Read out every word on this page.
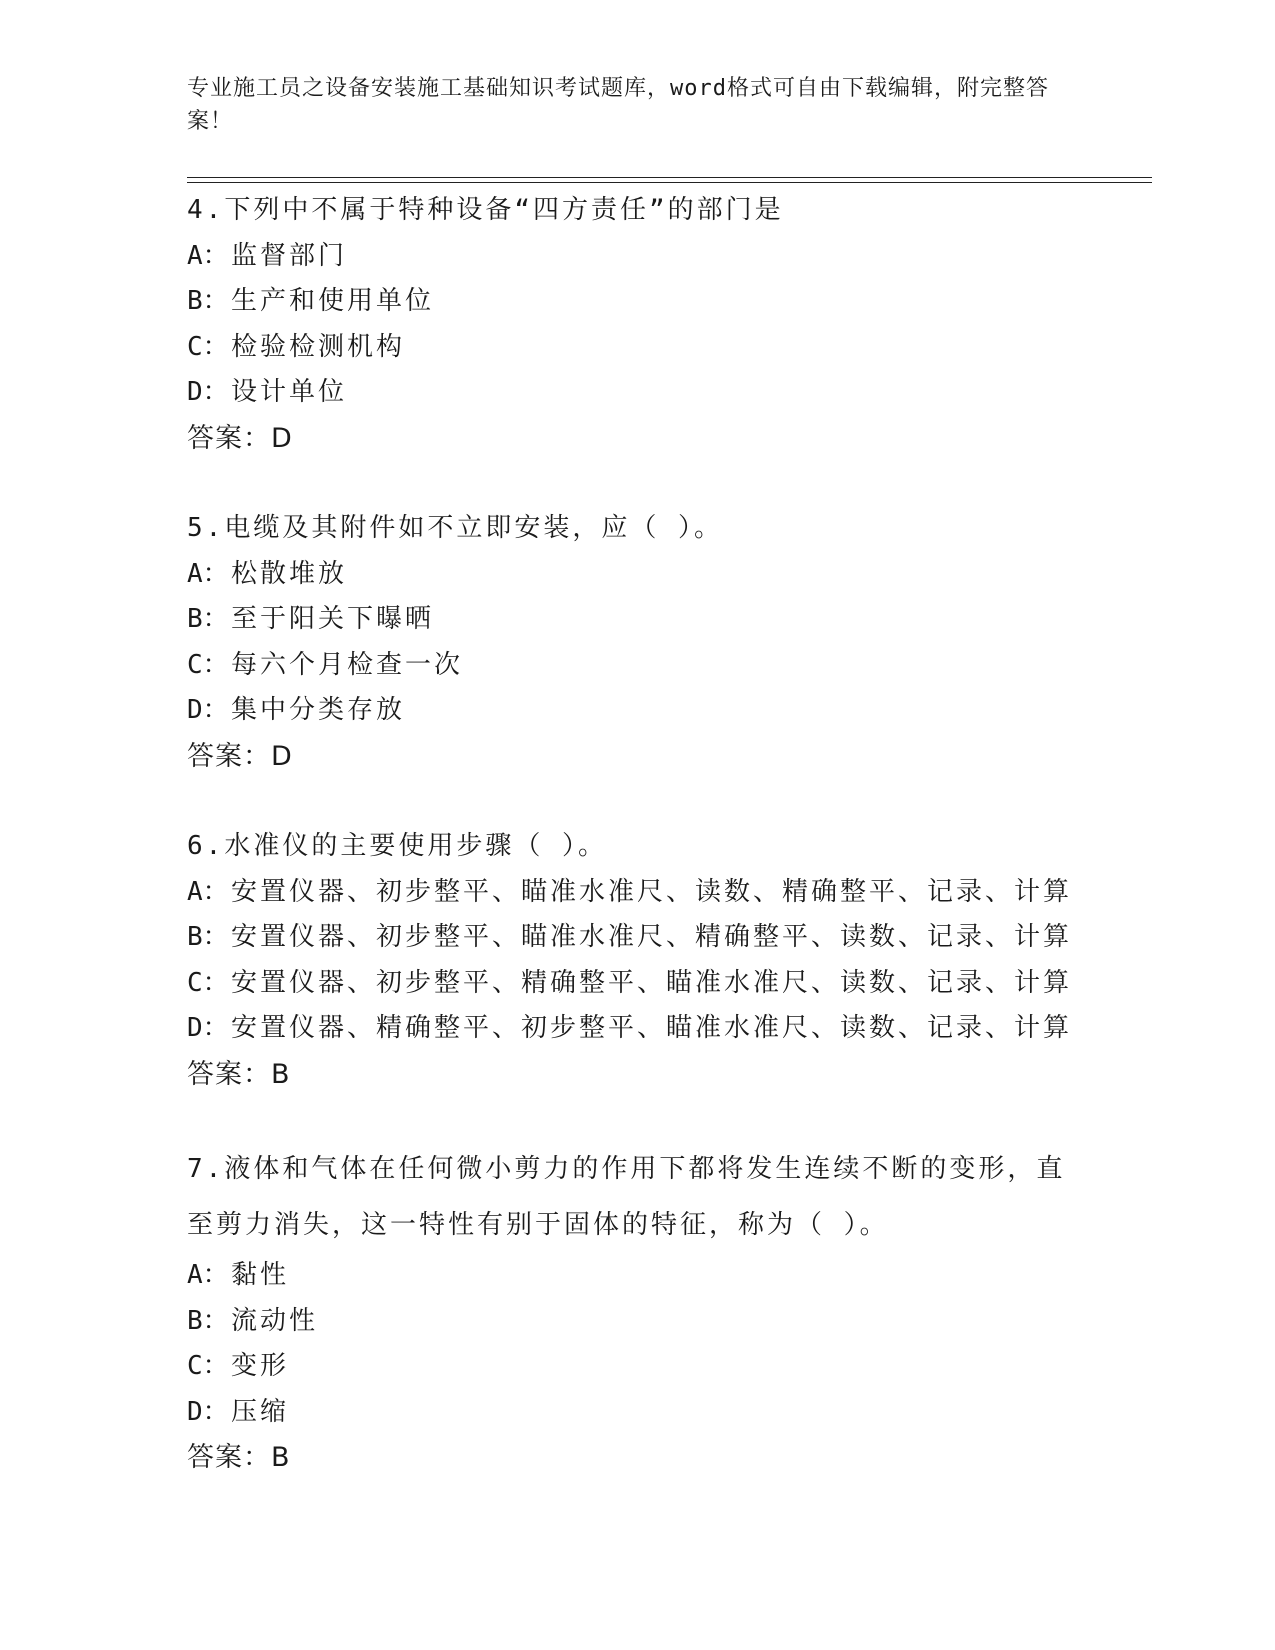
专业施工员之设备安装施工基础知识考试题库，word格式可自由下载编辑，附完整答案！
4.下列中不属于特种设备“四方责任”的部门是
A：监督部门
B：生产和使用单位
C：检验检测机构
D：设计单位
答案：D
5.电缆及其附件如不立即安装，应（ ）。
A：松散堆放
B：至于阳关下曝晒
C：每六个月检查一次
D：集中分类存放
答案：D
6.水准仪的主要使用步骤（ ）。
A：安置仪器、初步整平、瞄准水准尺、读数、精确整平、记录、计算
B：安置仪器、初步整平、瞄准水准尺、精确整平、读数、记录、计算
C：安置仪器、初步整平、精确整平、瞄准水准尺、读数、记录、计算
D：安置仪器、精确整平、初步整平、瞄准水准尺、读数、记录、计算
答案：B
7.液体和气体在任何微小剪力的作用下都将发生连续不断的变形，直至剪力消失，这一特性有别于固体的特征，称为（ ）。
A：黏性
B：流动性
C：变形
D：压缩
答案：B
